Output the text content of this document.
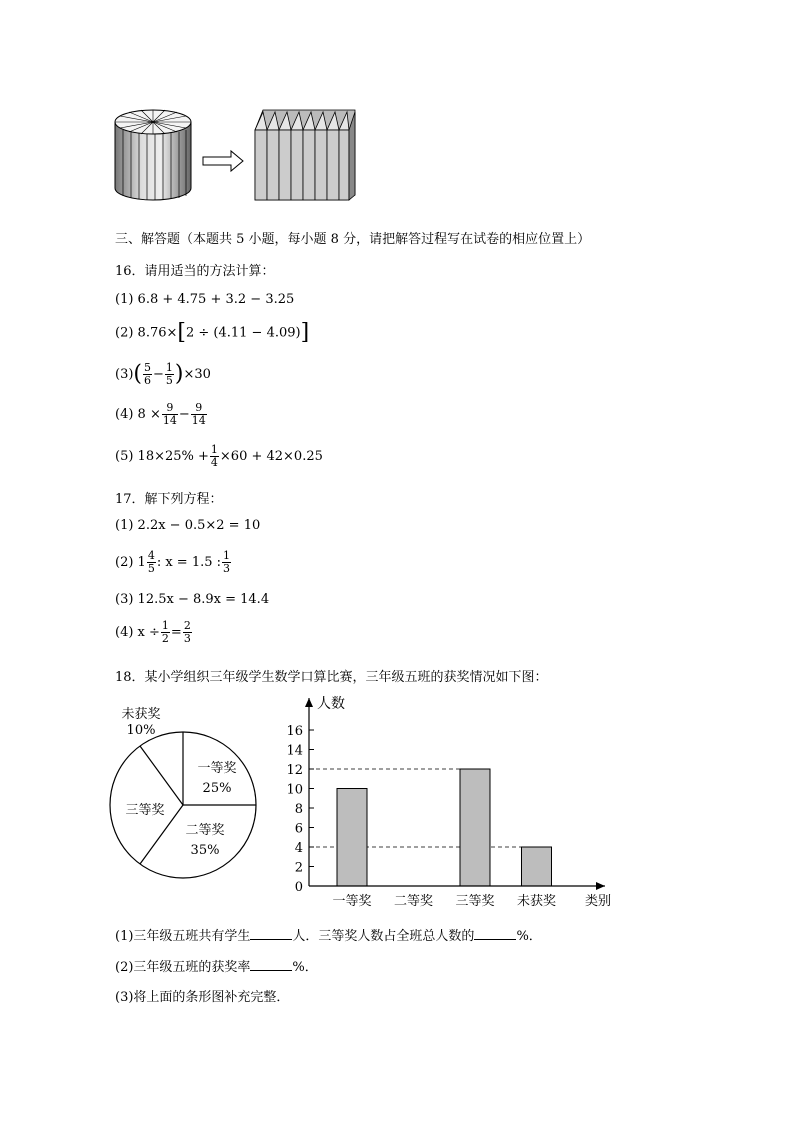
三、解答题（本题共 5 小题，每小题 8 分，请把解答过程写在试卷的相应位置上）
16．请用适当的方法计算：
(1) 6.8 + 4.75 + 3.2 − 3.25
(2) 8.76×[2 ÷ (4.11 − 4.09)]
$(3)( \frac{5}{6} - \frac{1}{5} )\times 30$
(4) $8 \times \frac{9}{14} - \frac{9}{14}$
(5) $18\times 25\% + \frac{1}{4} \times 60 + 42\times 0.25$
17．解下列方程：
(1) 2.2x − 0.5×2 = 10
(2) $1 \frac{4}{5}$ : x = 1.5 : $\frac{1}{3}$
(3) 12.5x − 8.9x = 14.4
(4) $x \div \frac{1}{2} = \frac{2}{3}$
18．某小学组织三年级学生数学口算比赛，三年级五班的获奖情况如下图：
一等奖
25%
二等奖
35%
三等奖
未获奖
10%
0
2
4
6
8
10
12
14
16
一等奖 二等奖 三等奖 未获奖
人数
类别
(1)三年级五班共有学生	人．三等奖人数占全班总人数的	%．
(2)三年级五班的获奖率	%．
(3)将上面的条形图补充完整．
